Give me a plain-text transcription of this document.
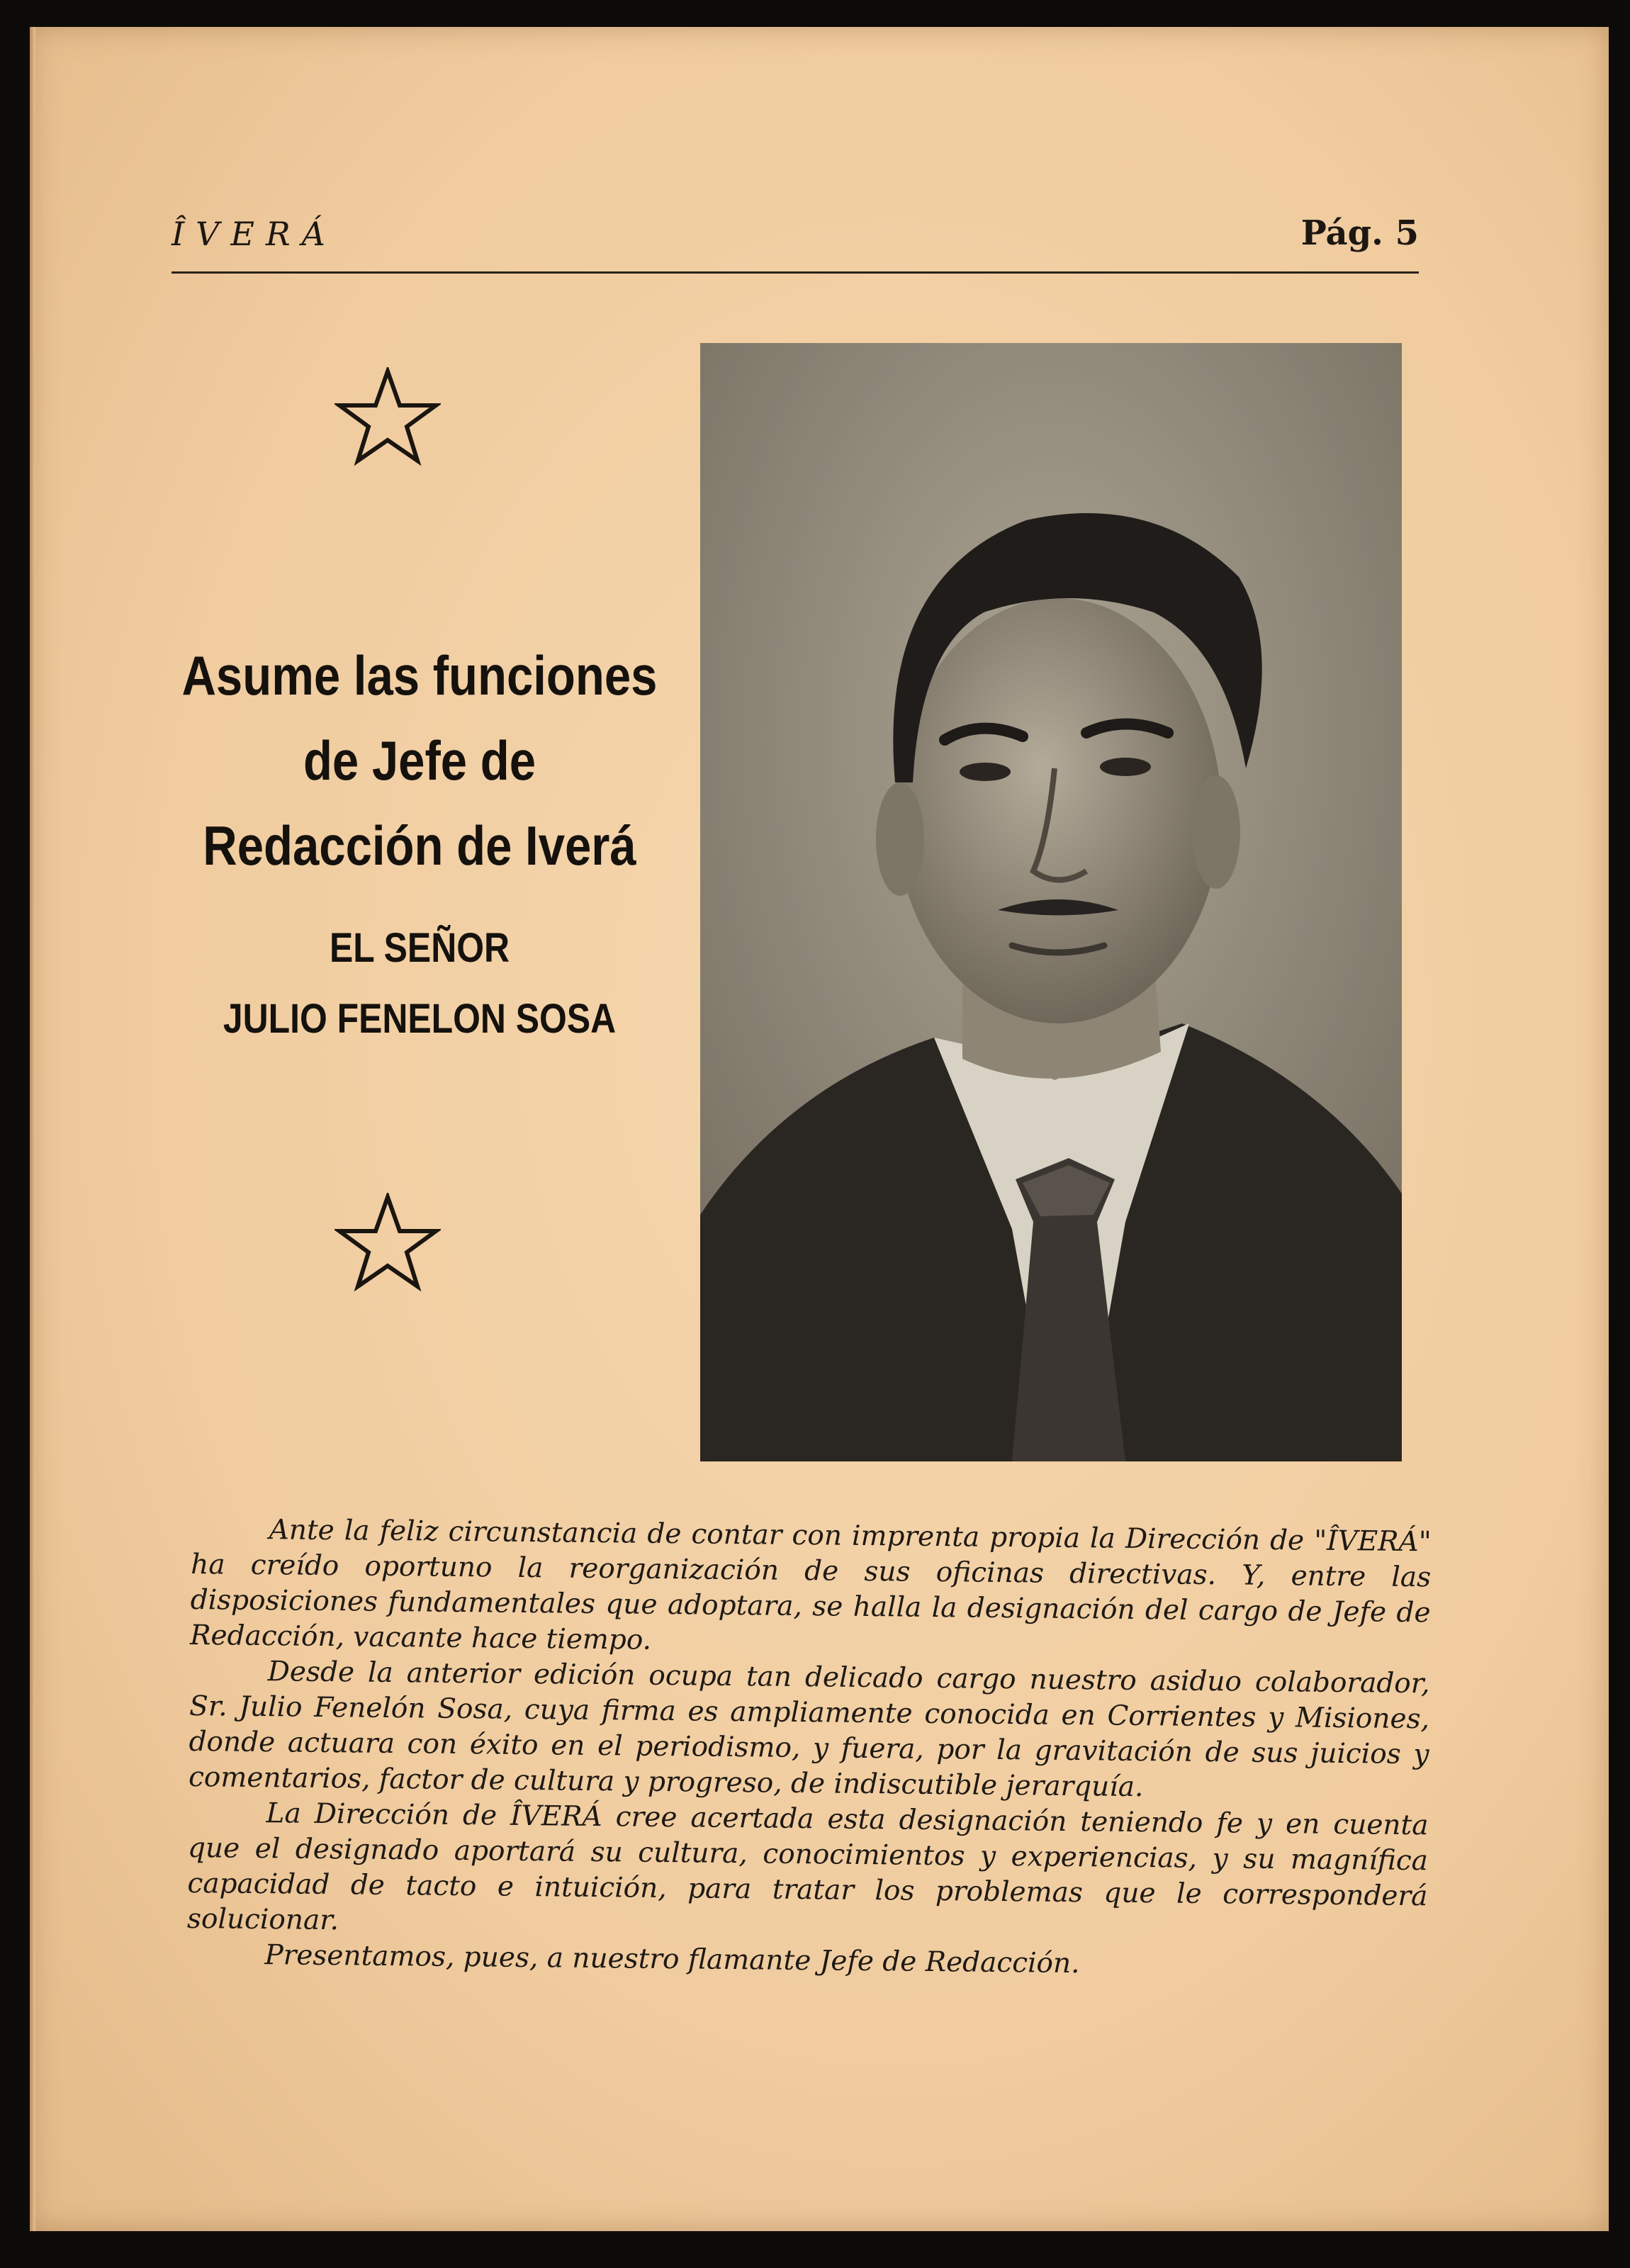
ÎVERÁ	Pág. 5
Asume las funciones
de Jefe de
Redacción de Iverá
EL SEÑOR
JULIO FENELON SOSA

Ante la feliz circunstancia de contar con imprenta propia la Dirección de "ÎVERÁ" ha creído oportuno la reorganización de sus oficinas directivas. Y, entre las disposiciones fundamentales que adoptara, se halla la designación del cargo de Jefe de Redacción, vacante hace tiempo.

Desde la anterior edición ocupa tan delicado cargo nuestro asiduo colaborador, Sr. Julio Fenelón Sosa, cuya firma es ampliamente conocida en Corrientes y Misiones, donde actuara con éxito en el periodismo, y fuera, por la gravitación de sus juicios y comentarios, factor de cultura y progreso, de indiscutible jerarquía.

La Dirección de ÎVERÁ cree acertada esta designación teniendo fe y en cuenta que el designado aportará su cultura, conocimientos y experiencias, y su magnífica capacidad de tacto e intuición, para tratar los problemas que le corresponderá solucionar.

Presentamos, pues, a nuestro flamante Jefe de Redacción.
